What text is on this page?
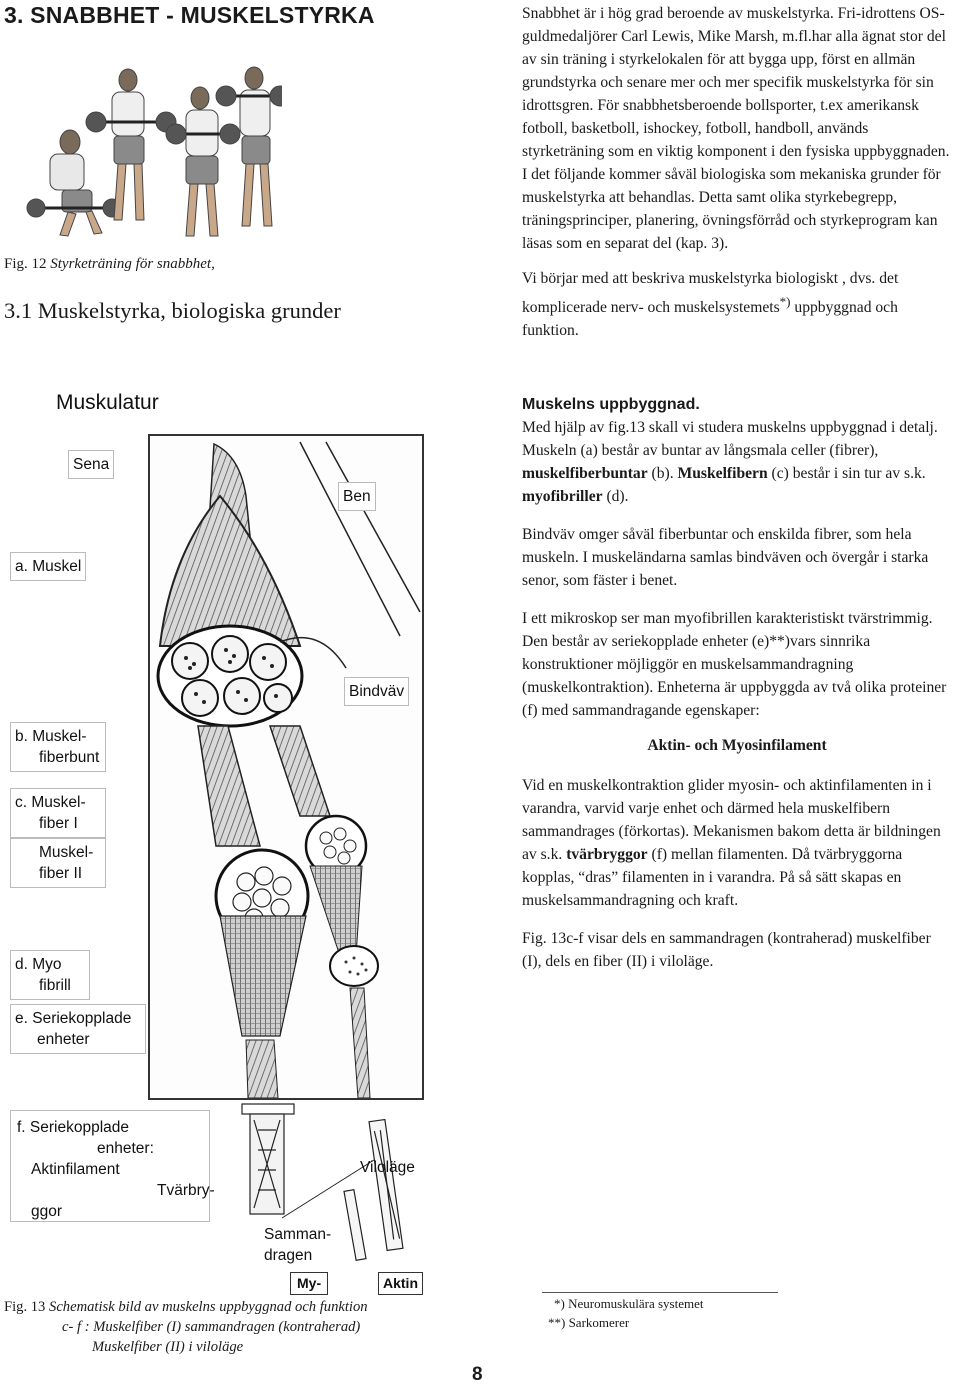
3. SNABBHET - MUSKELSTYRKA
Fig. 12 Styrketräning för snabbhet,
3.1 Muskelstyrka, biologiska grunder

Snabbhet är i hög grad beroende av muskelstyrka. Fri-idrottens OS-guldmedaljörer Carl Lewis, Mike Marsh, m.fl.har alla ägnat stor del av sin träning i styrkelokalen för att bygga upp, först en allmän grundstyrka och senare mer och mer specifik muskelstyrka för sin idrottsgren. För snabbhetsberoende bollsporter, t.ex amerikansk fotboll, basketboll, ishockey, fotboll, handboll, används styrketräning som en viktig komponent i den fysiska uppbyggnaden. I det följande kommer såväl biologiska som mekaniska grunder för muskelstyrka att behandlas. Detta samt olika styrkebegrepp, träningsprinciper, planering, övningsförråd och styrkeprogram kan läsas som en separat del (kap. 3).

Vi börjar med att beskriva muskelstyrka biologiskt , dvs. det komplicerade nerv- och muskelsystemets*) uppbyggnad och funktion.

Muskelns uppbyggnad.

Med hjälp av fig.13 skall vi studera muskelns uppbyggnad i detalj. Muskeln (a) består av buntar av långsmala celler (fibrer), muskelfiberbuntar (b). Muskelfibern (c) består i sin tur av s.k. myofibriller (d).

Bindväv omger såväl fiberbuntar och enskilda fibrer, som hela muskeln. I muskeländarna samlas bindväven och övergår i starka senor, som fäster i benet.

I ett mikroskop ser man myofibrillen karakteristiskt tvärstrimmig. Den består av seriekopplade enheter (e)**)vars sinnrika konstruktioner möjliggör en muskelsammandragning (muskelkontraktion). Enheterna är uppbyggda av två olika proteiner (f) med sammandragande egenskaper:

Aktin- och Myosinfilament

Vid en muskelkontraktion glider myosin- och aktinfilamenten in i varandra, varvid varje enhet och därmed hela muskelfibern sammandrages (förkortas). Mekanismen bakom detta är bildningen av s.k. tvärbryggor (f) mellan filamenten. Då tvärbryggorna kopplas, “dras” filamenten in i varandra. På så sätt skapas en muskelsammandragning och kraft.

Fig. 13c-f visar dels en sammandragen (kontraherad) muskelfiber (I), dels en fiber (II) i viloläge.

Muskulatur
Sena
Ben
a. Muskel
Bindväv
b. Muskel-
fiberbunt
c. Muskel-
fiber I
Muskel-
fiber II
d. Myo
fibrill
e. Seriekopplade
enheter
f. Seriekopplade
enheter:
Aktinfilament
Tvärbry-
ggor
Viloläge
Samman-
dragen
My-	Aktin
Fig. 13 Schematisk bild av muskelns uppbyggnad och funktion
c- f : Muskelfiber (I) sammandragen (kontraherad)
Muskelfiber (II) i viloläge
*) Neuromuskulära systemet
**) Sarkomerer
8
